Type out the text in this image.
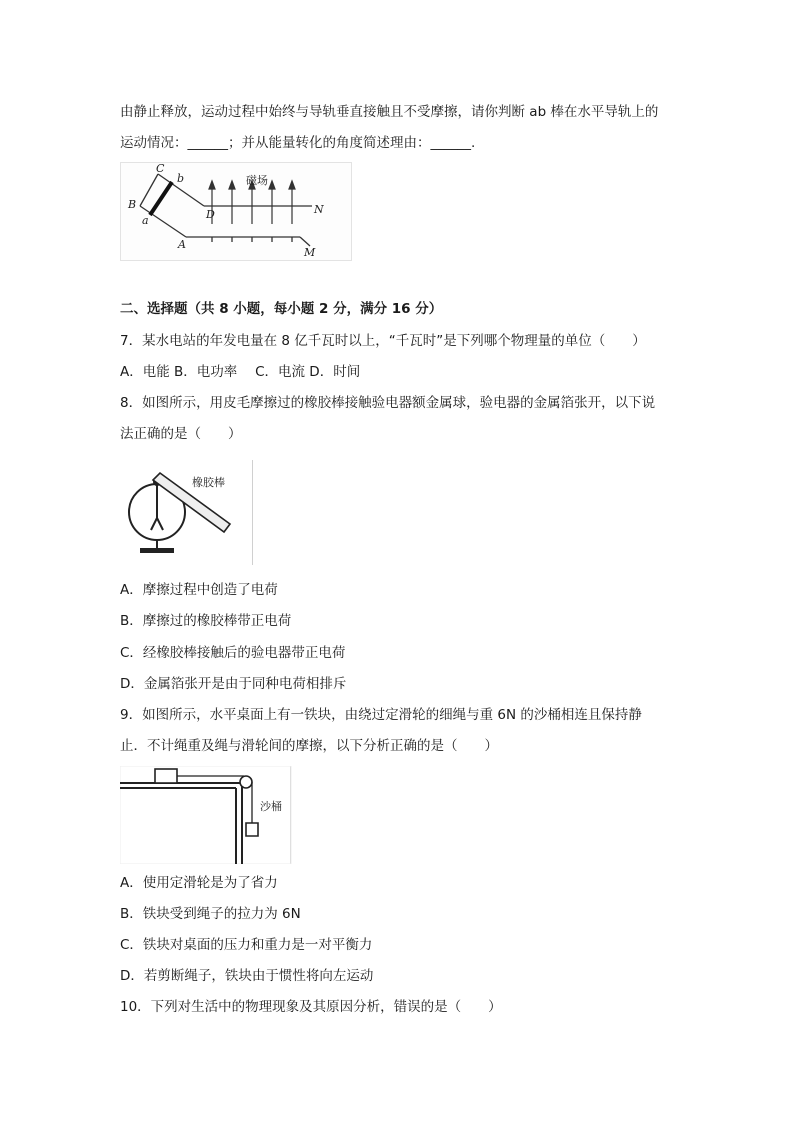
由静止释放，运动过程中始终与导轨垂直接触且不受摩擦，请你判断 ab 棒在水平导轨上的
运动情况：______；并从能量转化的角度简述理由：______.
磁场
C
b
B
a	D	N
A
M
二、选择题（共 8 小题，每小题 2 分，满分 16 分）
7．某水电站的年发电量在 8 亿千瓦时以上，“千瓦时”是下列哪个物理量的单位（　　）
A．电能 B．电功率　 C．电流 D．时间
8．如图所示，用皮毛摩擦过的橡胶棒接触验电器额金属球，验电器的金属箔张开，以下说
法正确的是（　　）
橡胶棒
A．摩擦过程中创造了电荷
B．摩擦过的橡胶棒带正电荷
C．经橡胶棒接触后的验电器带正电荷
D．金属箔张开是由于同种电荷相排斥
9．如图所示，水平桌面上有一铁块，由绕过定滑轮的细绳与重 6N 的沙桶相连且保持静
止．不计绳重及绳与滑轮间的摩擦，以下分析正确的是（　　）
沙桶
A．使用定滑轮是为了省力
B．铁块受到绳子的拉力为 6N
C．铁块对桌面的压力和重力是一对平衡力
D．若剪断绳子，铁块由于惯性将向左运动
10．下列对生活中的物理现象及其原因分析，错误的是（　　）
